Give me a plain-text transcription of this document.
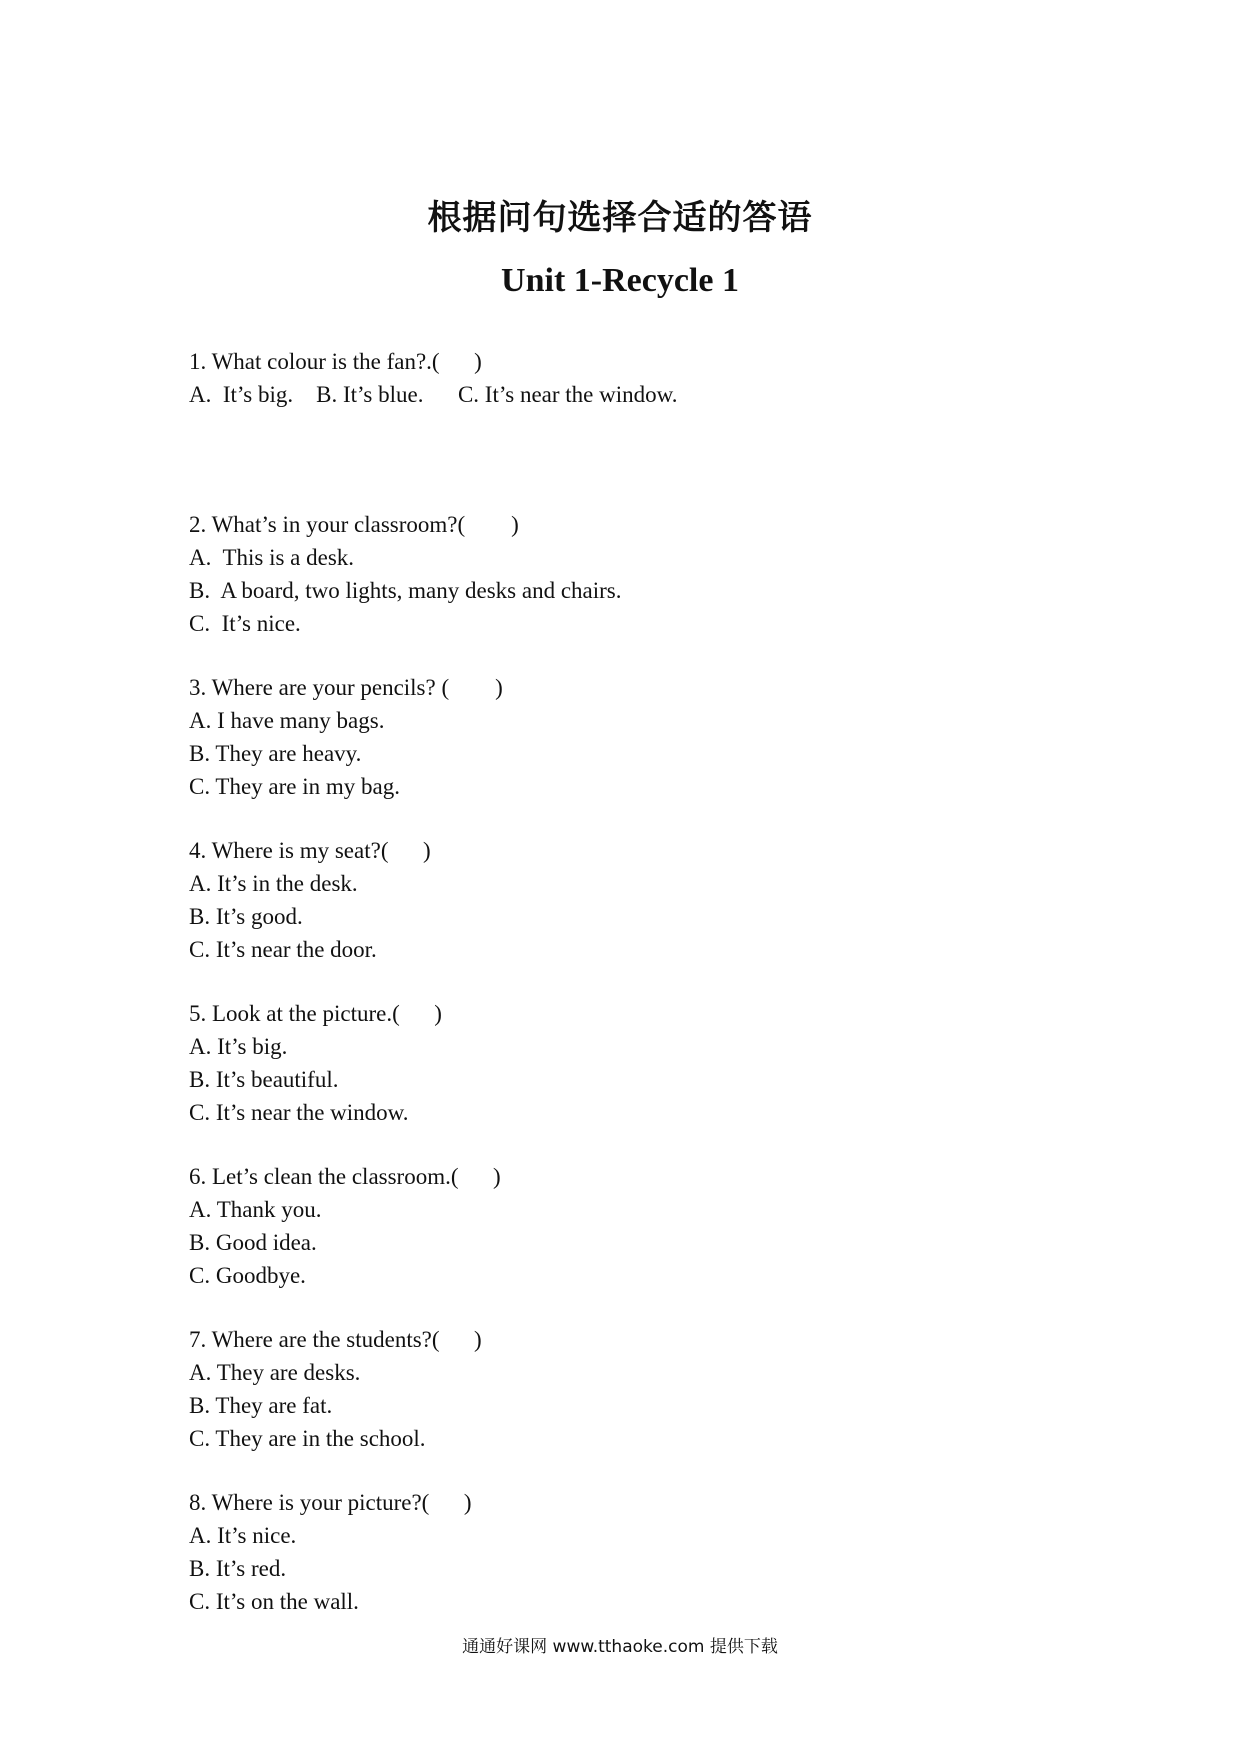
根据问句选择合适的答语
Unit 1-Recycle 1
1. What colour is the fan?.(      )
A.  It’s big.    B. It’s blue.      C. It’s near the window.
2. What’s in your classroom?(        )
A.  This is a desk.
B.  A board, two lights, many desks and chairs.
C.  It’s nice.
3. Where are your pencils? (        )
A. I have many bags.
B. They are heavy.
C. They are in my bag.
4. Where is my seat?(      )
A. It’s in the desk.
B. It’s good.
C. It’s near the door.
5. Look at the picture.(      )
A. It’s big.
B. It’s beautiful.
C. It’s near the window.
6. Let’s clean the classroom.(      )
A. Thank you.
B. Good idea.
C. Goodbye.
7. Where are the students?(      )
A. They are desks.
B. They are fat.
C. They are in the school.
8. Where is your picture?(      )
A. It’s nice.
B. It’s red.
C. It’s on the wall.
通通好课网 www.tthaoke.com 提供下载
